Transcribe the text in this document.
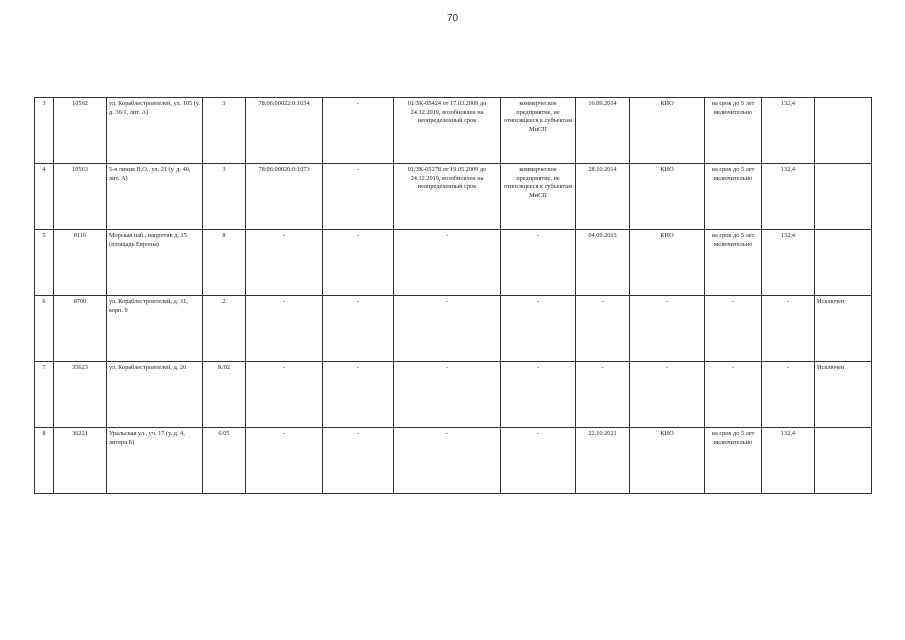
70
3	10562	ул. Кораблестроителей, ул. 105 (у. д. 36/1, лит. А)	3	78:06:00022:0:1034	-	01/ЗК-05424 от 17.03.2009 до 24.12.2019, возобновлен на неопределенный срок	коммерческое предприятие, не относящееся к субъектам МиСП	16.09.2014	КИО	на срок до 5 лет включительно	132,4	
4	10563	5-я линия В.О., ул. 21 (у. д. 40, лит. А)	3	78:06:00020:0:1073	-	01/ЗК-05278 от 19.05.2009 до 24.12.2019, возобновлен на неопределенный срок	коммерческое предприятие, не относящееся к субъектам МиСП	28.10.2014	КИО	на срок до 5 лет включительно	132,4	
5	8116	Морская наб., напротив д. 15 (площадь Европы)	8	-	-	-	-	04.09.2013	КИО	на срок до 5 лет включительно	132,4	
6	8700	ул. Кораблестроителей, д. 31, корп. 9	2	-	-	-	-	-	-	-	-	Исключен
7	35623	ул. Кораблестроителей, д. 20	К/02	-	-	-	-	-	-	-	-	Исключен
8	36221	Уральская ул., уч. 17 (у. д. 4, литера Б)	6/05	-	-	-	-	22.10.2021	КИО	на срок до 5 лет включительно	132,4	
